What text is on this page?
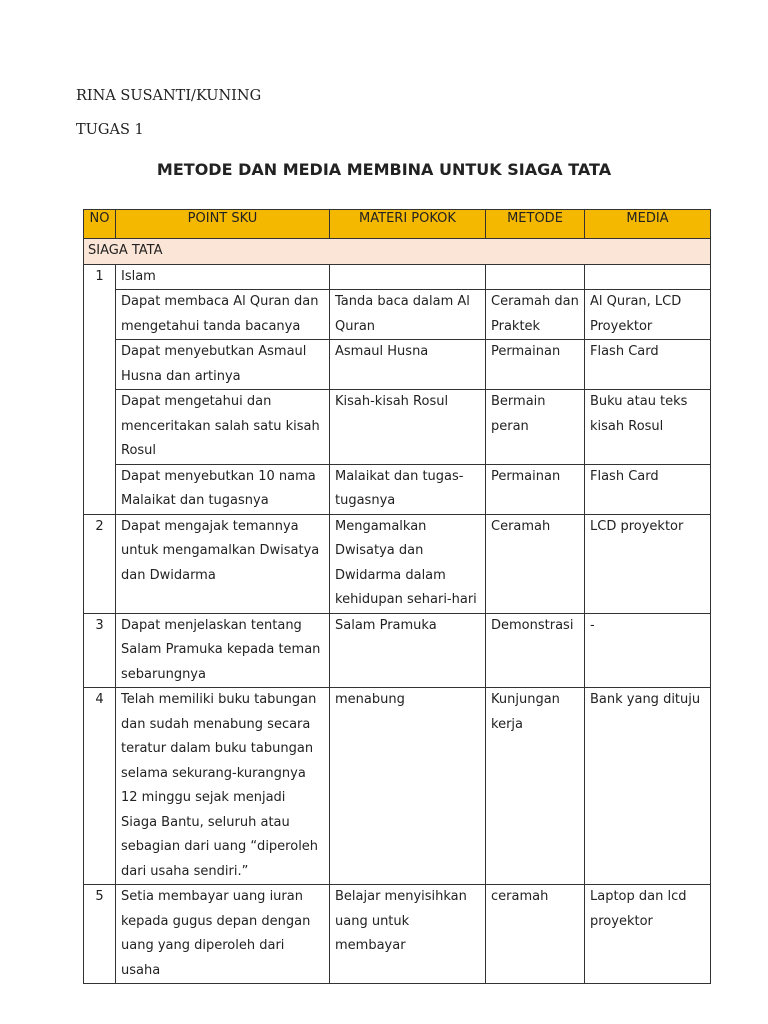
RINA SUSANTI/KUNING
TUGAS 1
METODE DAN MEDIA MEMBINA UNTUK SIAGA TATA
NO	POINT SKU	MATERI POKOK	METODE	MEDIA
SIAGA TATA				
1	Islam			
	Dapat membaca Al Quran dan mengetahui tanda bacanya	Tanda baca dalam Al Quran	Ceramah dan Praktek	Al Quran, LCD Proyektor
	Dapat menyebutkan Asmaul Husna dan artinya	Asmaul Husna	Permainan	Flash Card
	Dapat mengetahui dan menceritakan salah satu kisah Rosul	Kisah-kisah Rosul	Bermain peran	Buku atau teks kisah Rosul
	Dapat menyebutkan 10 nama Malaikat dan tugasnya	Malaikat dan tugas-tugasnya	Permainan	Flash Card
2	Dapat mengajak temannya untuk mengamalkan Dwisatya dan Dwidarma	Mengamalkan Dwisatya dan Dwidarma dalam kehidupan sehari-hari	Ceramah	LCD proyektor
3	Dapat menjelaskan tentang Salam Pramuka kepada teman sebarungnya	Salam Pramuka	Demonstrasi	-
4	Telah memiliki buku tabungan dan sudah menabung secara teratur dalam buku tabungan selama sekurang-kurangnya 12 minggu sejak menjadi Siaga Bantu, seluruh atau sebagian dari uang “diperoleh dari usaha sendiri.”	menabung	Kunjungan kerja	Bank yang dituju
5	Setia membayar uang iuran kepada gugus depan dengan uang yang diperoleh dari usaha	Belajar menyisihkan uang untuk membayar	ceramah	Laptop dan lcd proyektor
